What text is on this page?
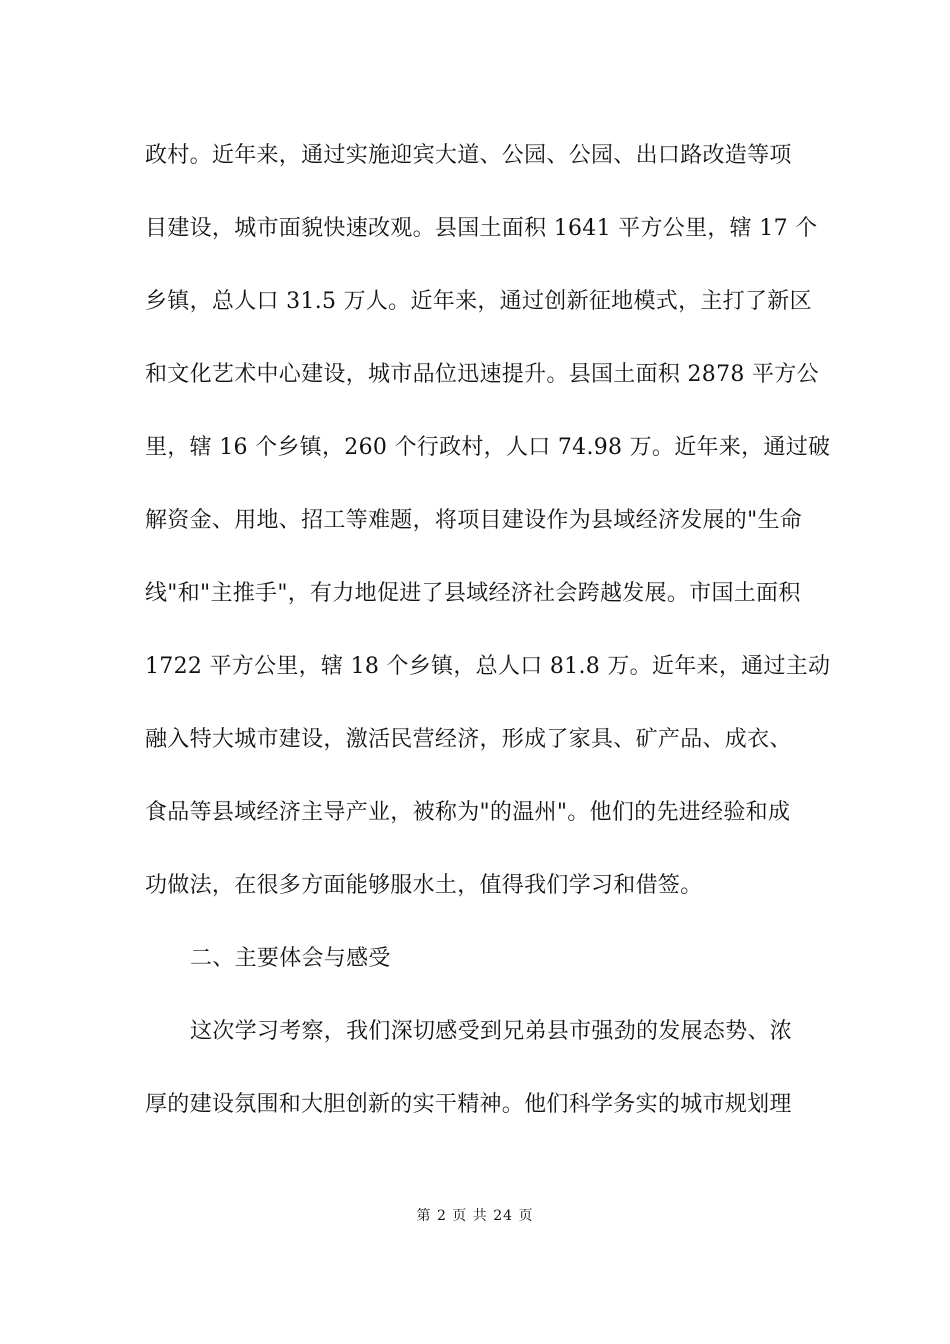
政村。近年来，通过实施迎宾大道、公园、公园、出口路改造等项
目建设，城市面貌快速改观。县国土面积 1641 平方公里，辖 17 个
乡镇，总人口 31.5 万人。近年来，通过创新征地模式，主打了新区
和文化艺术中心建设，城市品位迅速提升。县国土面积 2878 平方公
里，辖 16 个乡镇，260 个行政村，人口 74.98 万。近年来，通过破
解资金、用地、招工等难题，将项目建设作为县域经济发展的"生命
线"和"主推手"，有力地促进了县域经济社会跨越发展。市国土面积
1722 平方公里，辖 18 个乡镇，总人口 81.8 万。近年来，通过主动
融入特大城市建设，激活民营经济，形成了家具、矿产品、成衣、
食品等县域经济主导产业，被称为"的温州"。他们的先进经验和成
功做法，在很多方面能够服水土，值得我们学习和借签。
二、主要体会与感受
这次学习考察，我们深切感受到兄弟县市强劲的发展态势、浓
厚的建设氛围和大胆创新的实干精神。他们科学务实的城市规划理
第 2 页 共 24 页
